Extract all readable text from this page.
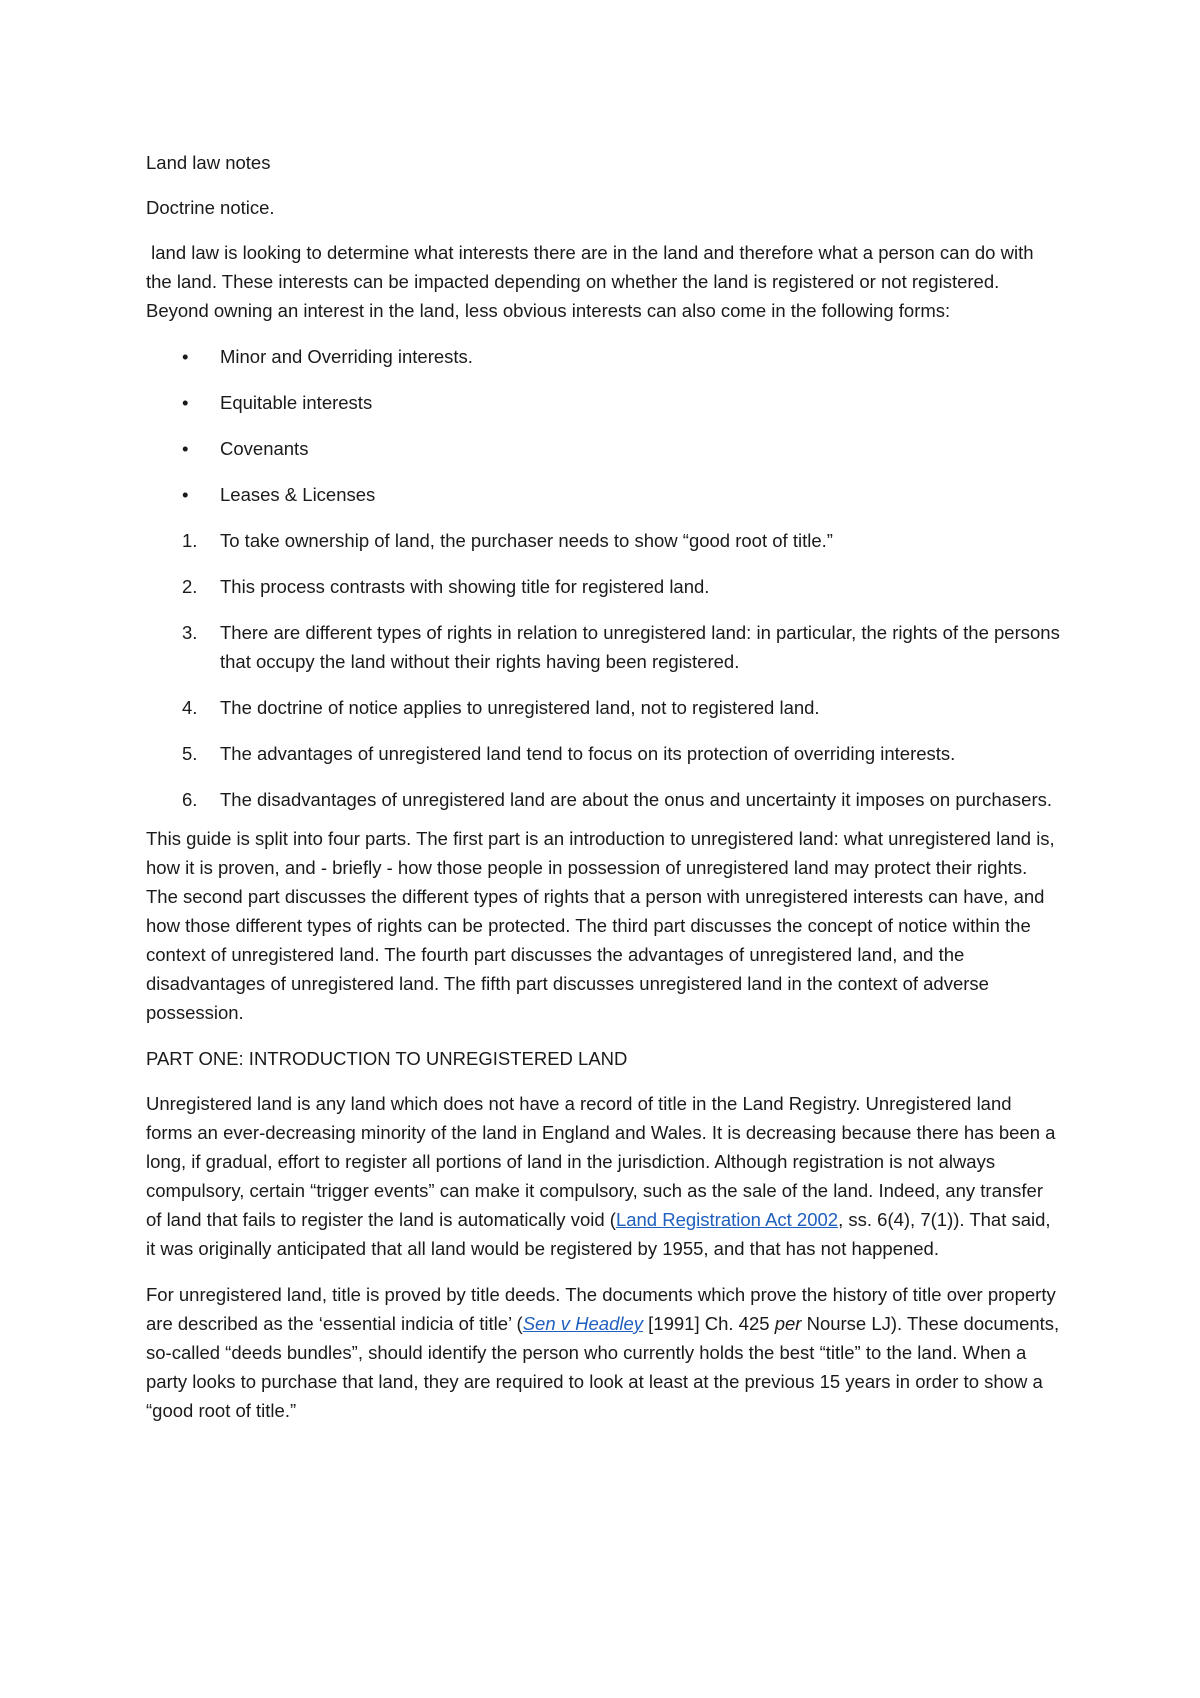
Land law notes

Doctrine notice.

land law is looking to determine what interests there are in the land and therefore what a person can do with the land. These interests can be impacted depending on whether the land is registered or not registered. Beyond owning an interest in the land, less obvious interests can also come in the following forms:

• Minor and Overriding interests.
• Equitable interests
• Covenants
• Leases & Licenses
1. To take ownership of land, the purchaser needs to show “good root of title.”
2. This process contrasts with showing title for registered land.
3. There are different types of rights in relation to unregistered land: in particular, the rights of the persons that occupy the land without their rights having been registered.
4. The doctrine of notice applies to unregistered land, not to registered land.
5. The advantages of unregistered land tend to focus on its protection of overriding interests.
6. The disadvantages of unregistered land are about the onus and uncertainty it imposes on purchasers.

This guide is split into four parts. The first part is an introduction to unregistered land: what unregistered land is, how it is proven, and - briefly - how those people in possession of unregistered land may protect their rights. The second part discusses the different types of rights that a person with unregistered interests can have, and how those different types of rights can be protected. The third part discusses the concept of notice within the context of unregistered land. The fourth part discusses the advantages of unregistered land, and the disadvantages of unregistered land. The fifth part discusses unregistered land in the context of adverse possession.

PART ONE: INTRODUCTION TO UNREGISTERED LAND

Unregistered land is any land which does not have a record of title in the Land Registry. Unregistered land forms an ever-decreasing minority of the land in England and Wales. It is decreasing because there has been a long, if gradual, effort to register all portions of land in the jurisdiction. Although registration is not always compulsory, certain “trigger events” can make it compulsory, such as the sale of the land. Indeed, any transfer of land that fails to register the land is automatically void (Land Registration Act 2002, ss. 6(4), 7(1)). That said, it was originally anticipated that all land would be registered by 1955, and that has not happened.

For unregistered land, title is proved by title deeds. The documents which prove the history of title over property are described as the ‘essential indicia of title’ (Sen v Headley [1991] Ch. 425 per Nourse LJ). These documents, so-called “deeds bundles”, should identify the person who currently holds the best “title” to the land. When a party looks to purchase that land, they are required to look at least at the previous 15 years in order to show a “good root of title.”
